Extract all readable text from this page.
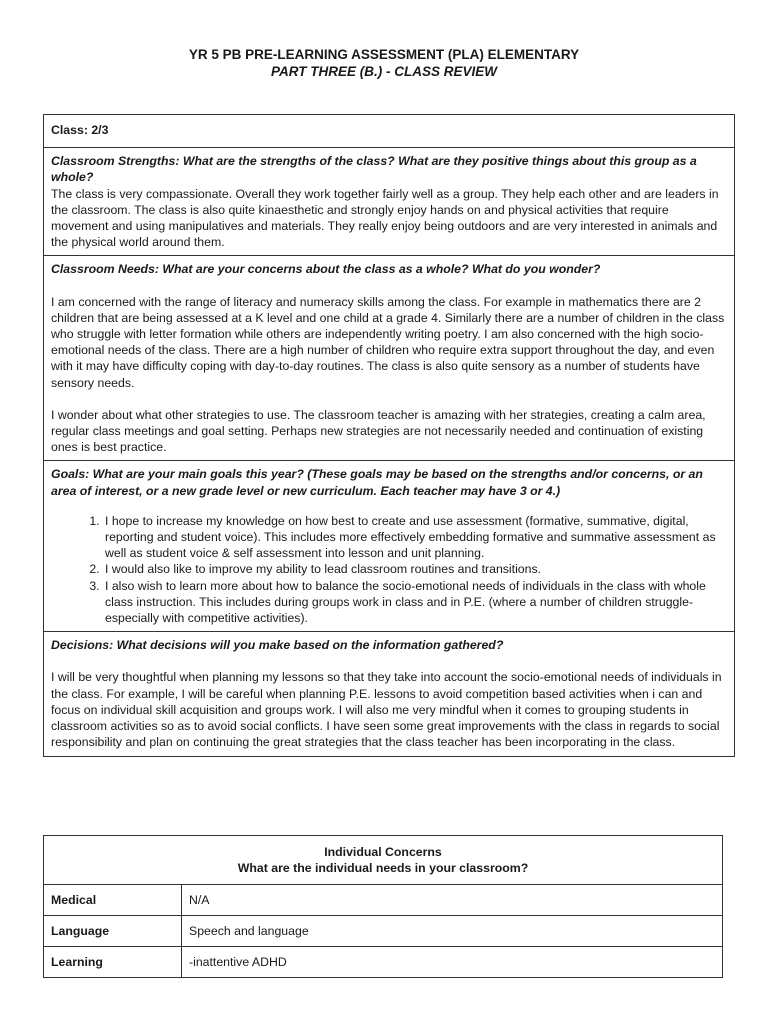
YR 5 PB PRE-LEARNING ASSESSMENT (PLA) ELEMENTARY
PART THREE (B.) - CLASS REVIEW
Class: 2/3
Classroom Strengths: What are the strengths of the class? What are they positive things about this group as a whole?

The class is very compassionate. Overall they work together fairly well as a group. They help each other and are leaders in the classroom. The class is also quite kinaesthetic and strongly enjoy hands on and physical activities that require movement and using manipulatives and materials. They really enjoy being outdoors and are very interested in animals and the physical world around them.

Classroom Needs: What are your concerns about the class as a whole? What do you wonder?

I am concerned with the range of literacy and numeracy skills among the class. For example in mathematics there are 2 children that are being assessed at a K level and one child at a grade 4. Similarly there are a number of children in the class who struggle with letter formation while others are independently writing poetry. I am also concerned with the high socio-emotional needs of the class. There are a high number of children who require extra support throughout the day, and even with it may have difficulty coping with day-to-day routines. The class is also quite sensory as a number of students have sensory needs.

I wonder about what other strategies to use. The classroom teacher is amazing with her strategies, creating a calm area, regular class meetings and goal setting. Perhaps new strategies are not necessarily needed and continuation of existing ones is best practice.

Goals: What are your main goals this year? (These goals may be based on the strengths and/or concerns, or an area of interest, or a new grade level or new curriculum. Each teacher may have 3 or 4.)
1. I hope to increase my knowledge on how best to create and use assessment (formative, summative, digital, reporting and student voice). This includes more effectively embedding formative and summative assessment as well as student voice & self assessment into lesson and unit planning.
2. I would also like to improve my ability to lead classroom routines and transitions.
3. I also wish to learn more about how to balance the socio-emotional needs of individuals in the class with whole class instruction. This includes during groups work in class and in P.E. (where a number of children struggle-especially with competitive activities).
Decisions: What decisions will you make based on the information gathered?

I will be very thoughtful when planning my lessons so that they take into account the socio-emotional needs of individuals in the class. For example, I will be careful when planning P.E. lessons to avoid competition based activities when i can and focus on individual skill acquisition and groups work. I will also me very mindful when it comes to grouping students in classroom activities so as to avoid social conflicts. I have seen some great improvements with the class in regards to social responsibility and plan on continuing the great strategies that the class teacher has been incorporating in the class.

Individual Concerns
What are the individual needs in your classroom?	

Medical	N/A
Language	Speech and language
Learning	-inattentive ADHD
